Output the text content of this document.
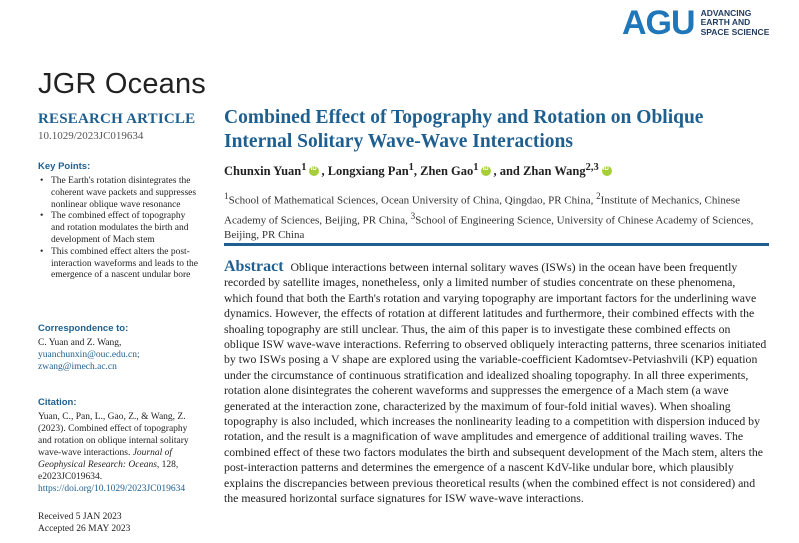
AGU ADVANCING
EARTH AND
SPACE SCIENCE
JGR Oceans
RESEARCH ARTICLE
10.1029/2023JC019634
Key Points:
• The Earth's rotation disintegrates the coherent wave packets and suppresses nonlinear oblique wave resonance
• The combined effect of topography and rotation modulates the birth and development of Mach stem
• This combined effect alters the post-interaction waveforms and leads to the emergence of a nascent undular bore
Correspondence to:
C. Yuan and Z. Wang,
yuanchunxin@ouc.edu.cn;
zwang@imech.ac.cn
Citation:
Yuan, C., Pan, L., Gao, Z., & Wang, Z. (2023). Combined effect of topography and rotation on oblique internal solitary wave-wave interactions. Journal of Geophysical Research: Oceans, 128, e2023JC019634. https://doi.org/10.1029/2023JC019634
Received 5 JAN 2023
Accepted 26 MAY 2023
Combined Effect of Topography and Rotation on Oblique Internal Solitary Wave-Wave Interactions
Chunxin Yuan$^1$ iD , Longxiang Pan$^1$, Zhen Gao$^1$ iD , and Zhan Wang$^{2,3}$iD
$^1$School of Mathematical Sciences, Ocean University of China, Qingdao, PR China, $^2$Institute of Mechanics, Chinese Academy of Sciences, Beijing, PR China, $^3$School of Engineering Science, University of Chinese Academy of Sciences, Beijing, PR China
Abstract Oblique interactions between internal solitary waves (ISWs) in the ocean have been frequently recorded by satellite images, nonetheless, only a limited number of studies concentrate on these phenomena, which found that both the Earth's rotation and varying topography are important factors for the underlining wave dynamics. However, the effects of rotation at different latitudes and furthermore, their combined effects with the shoaling topography are still unclear. Thus, the aim of this paper is to investigate these combined effects on oblique ISW wave-wave interactions. Referring to observed obliquely interacting patterns, three scenarios initiated by two ISWs posing a V shape are explored using the variable-coefficient Kadomtsev-Petviashvili (KP) equation under the circumstance of continuous stratification and idealized shoaling topography. In all three experiments, rotation alone disintegrates the coherent waveforms and suppresses the emergence of a Mach stem (a wave generated at the interaction zone, characterized by the maximum of four-fold initial waves). When shoaling topography is also included, which increases the nonlinearity leading to a competition with dispersion induced by rotation, and the result is a magnification of wave amplitudes and emergence of additional trailing waves. The combined effect of these two factors modulates the birth and subsequent development of the Mach stem, alters the post-interaction patterns and determines the emergence of a nascent KdV-like undular bore, which plausibly explains the discrepancies between previous theoretical results (when the combined effect is not considered) and the measured horizontal surface signatures for ISW wave-wave interactions.
